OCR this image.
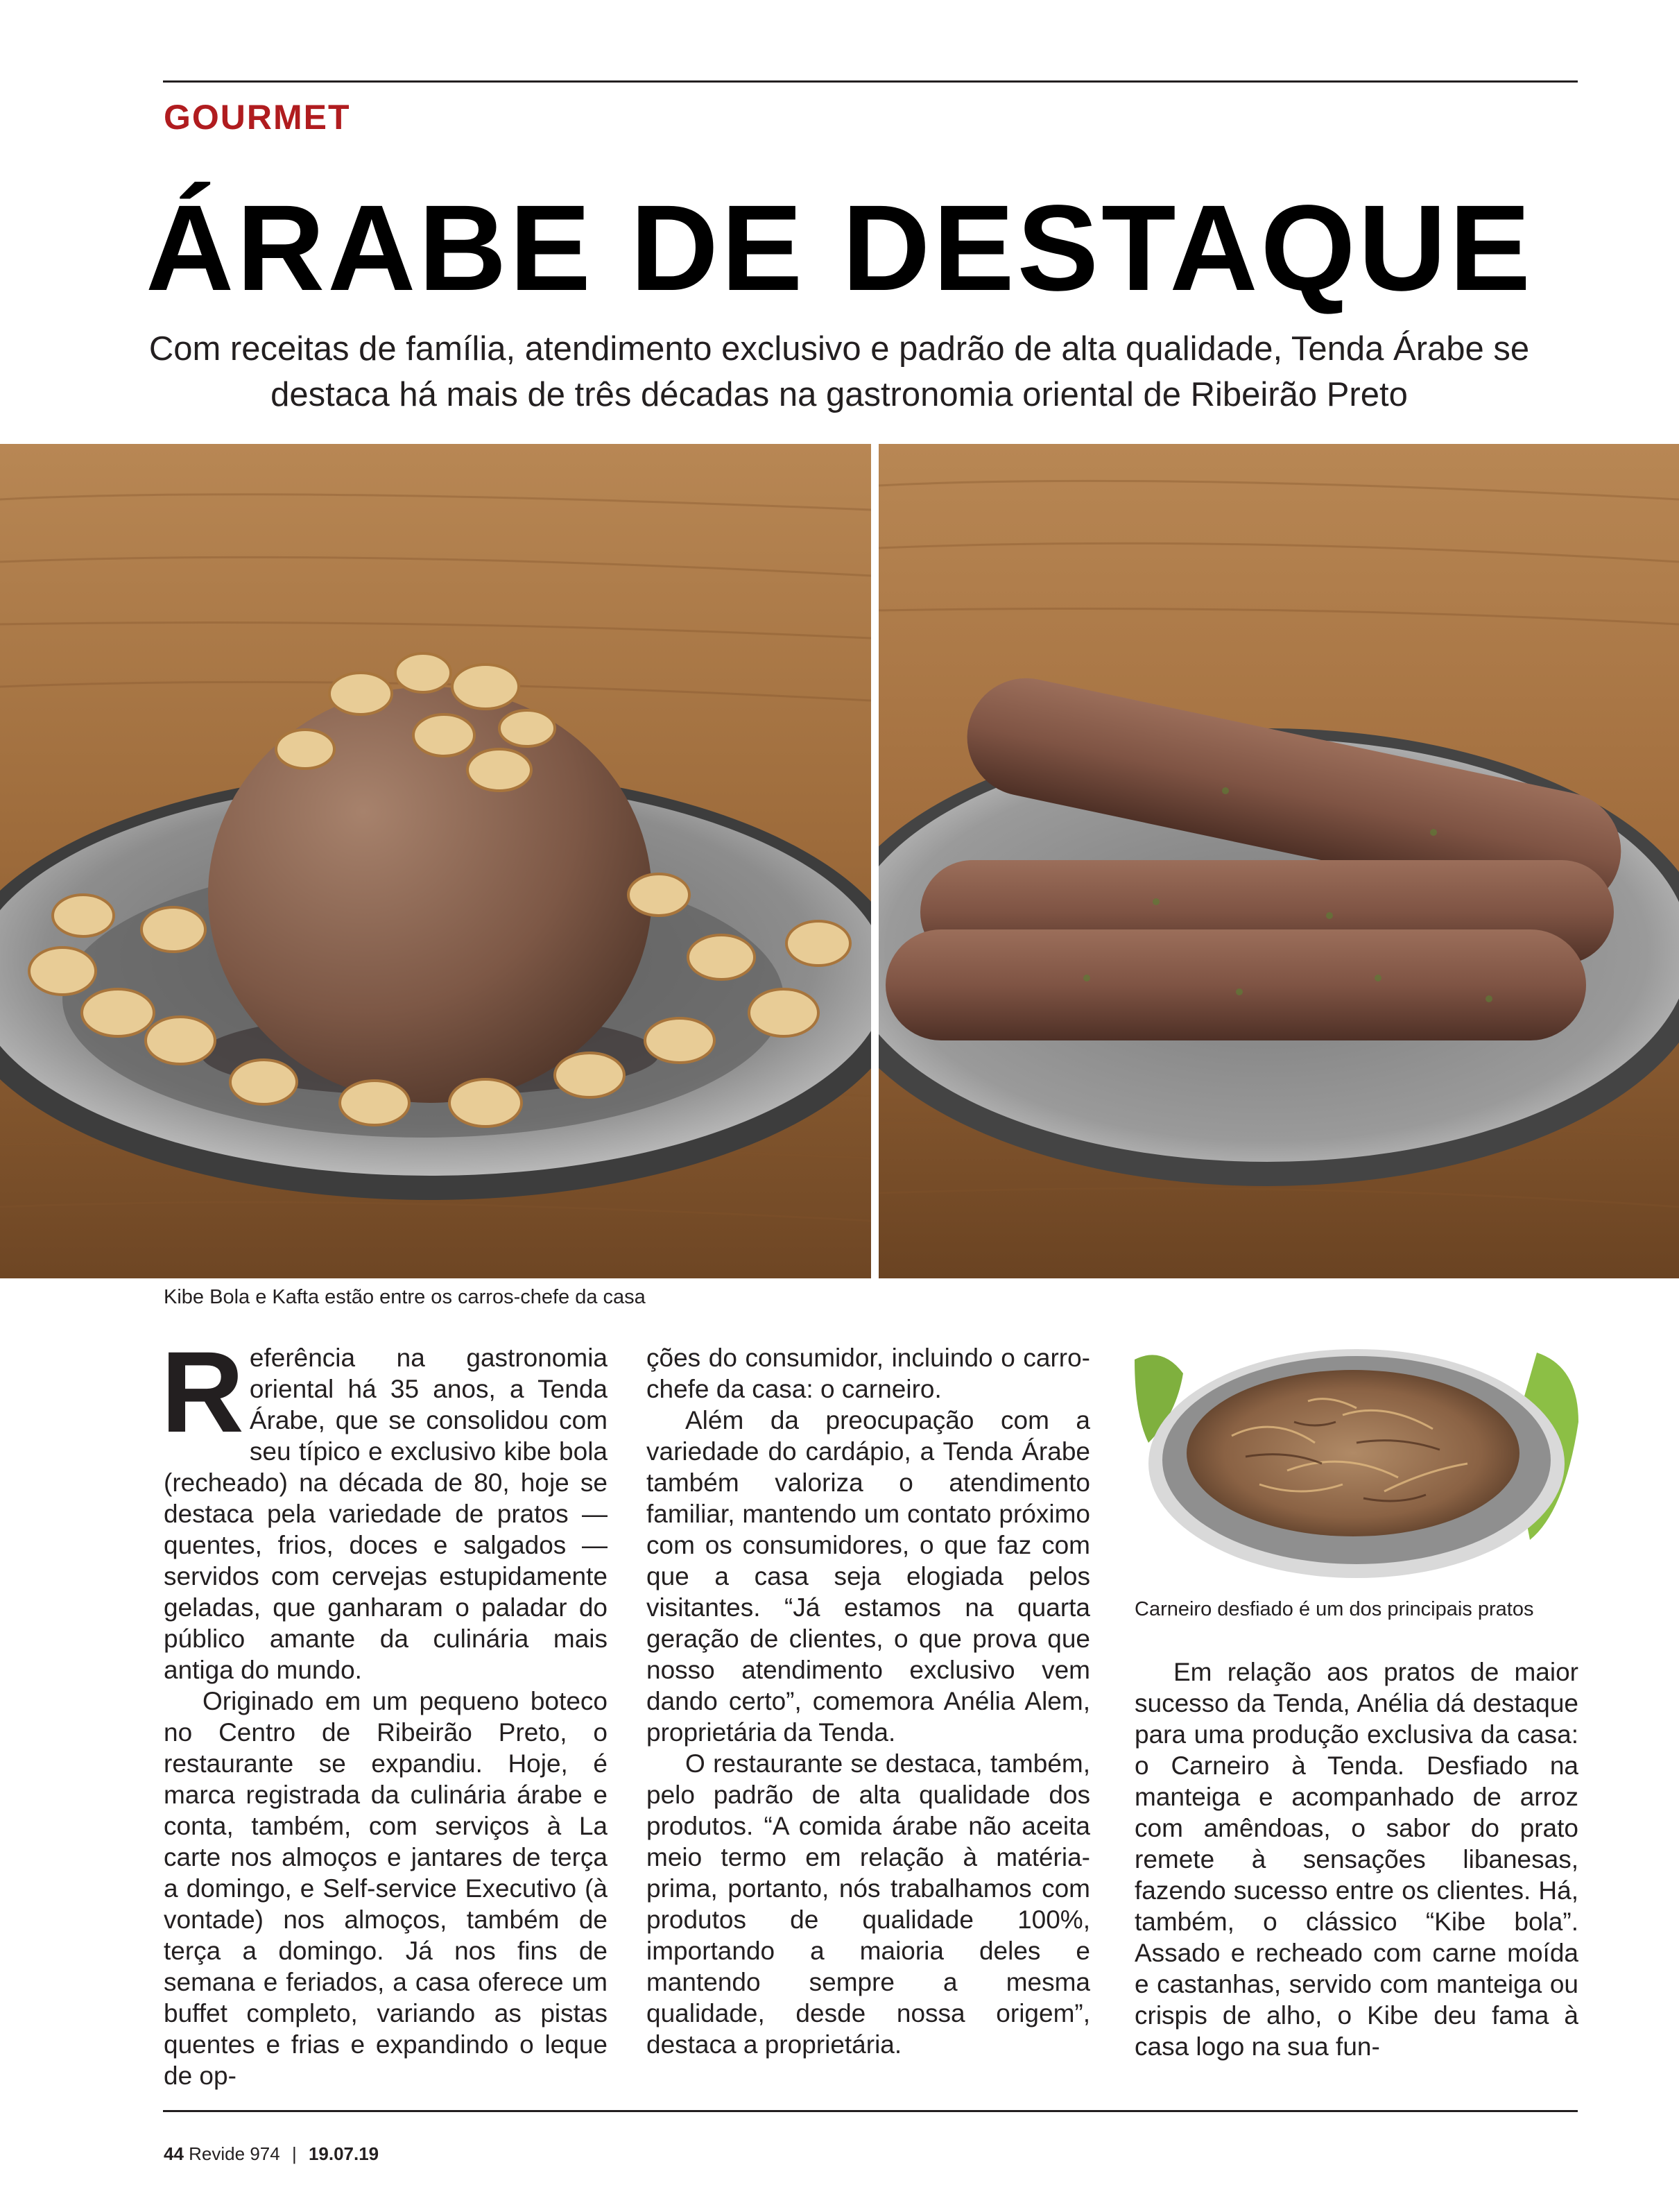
GOURMET
ÁRABE DE DESTAQUE
Com receitas de família, atendimento exclusivo e padrão de alta qualidade, Tenda Árabe se destaca há mais de três décadas na gastronomia oriental de Ribeirão Preto
Kibe Bola e Kafta estão entre os carros-chefe da casa

Referência na gastronomia oriental há 35 anos, a Tenda Árabe, que se consolidou com seu típico e exclusivo kibe bola (recheado) na década de 80, hoje se destaca pela variedade de pratos — quentes, frios, doces e salgados — servidos com cervejas estupidamente geladas, que ganharam o paladar do público amante da culinária mais antiga do mundo.

Originado em um pequeno boteco no Centro de Ribeirão Preto, o restaurante se expandiu. Hoje, é marca registrada da culinária árabe e conta, também, com serviços à La carte nos almoços e jantares de terça a domingo, e Self-service Executivo (à vontade) nos almoços, também de terça a domingo. Já nos fins de semana e feriados, a casa oferece um buffet completo, variando as pistas quentes e frias e expandindo o leque de op-

ções do consumidor, incluindo o carro-chefe da casa: o carneiro.

Além da preocupação com a variedade do cardápio, a Tenda Árabe também valoriza o atendimento familiar, mantendo um contato próximo com os consumidores, o que faz com que a casa seja elogiada pelos visitantes. “Já estamos na quarta geração de clientes, o que prova que nosso atendimento exclusivo vem dando certo”, comemora Anélia Alem, proprietária da Tenda.

O restaurante se destaca, também, pelo padrão de alta qualidade dos produtos. “A comida árabe não aceita meio termo em relação à matéria-prima, portanto, nós trabalhamos com produtos de qualidade 100%, importando a maioria deles e mantendo sempre a mesma qualidade, desde nossa origem”, destaca a proprietária.

Carneiro desfiado é um dos principais pratos

Em relação aos pratos de maior sucesso da Tenda, Anélia dá destaque para uma produção exclusiva da casa: o Carneiro à Tenda. Desfiado na manteiga e acompanhado de arroz com amêndoas, o sabor do prato remete à sensações libanesas, fazendo sucesso entre os clientes. Há, também, o clássico “Kibe bola”. Assado e recheado com carne moída e castanhas, servido com manteiga ou crispis de alho, o Kibe deu fama à casa logo na sua fun-

44 Revide 974 | 19.07.19
